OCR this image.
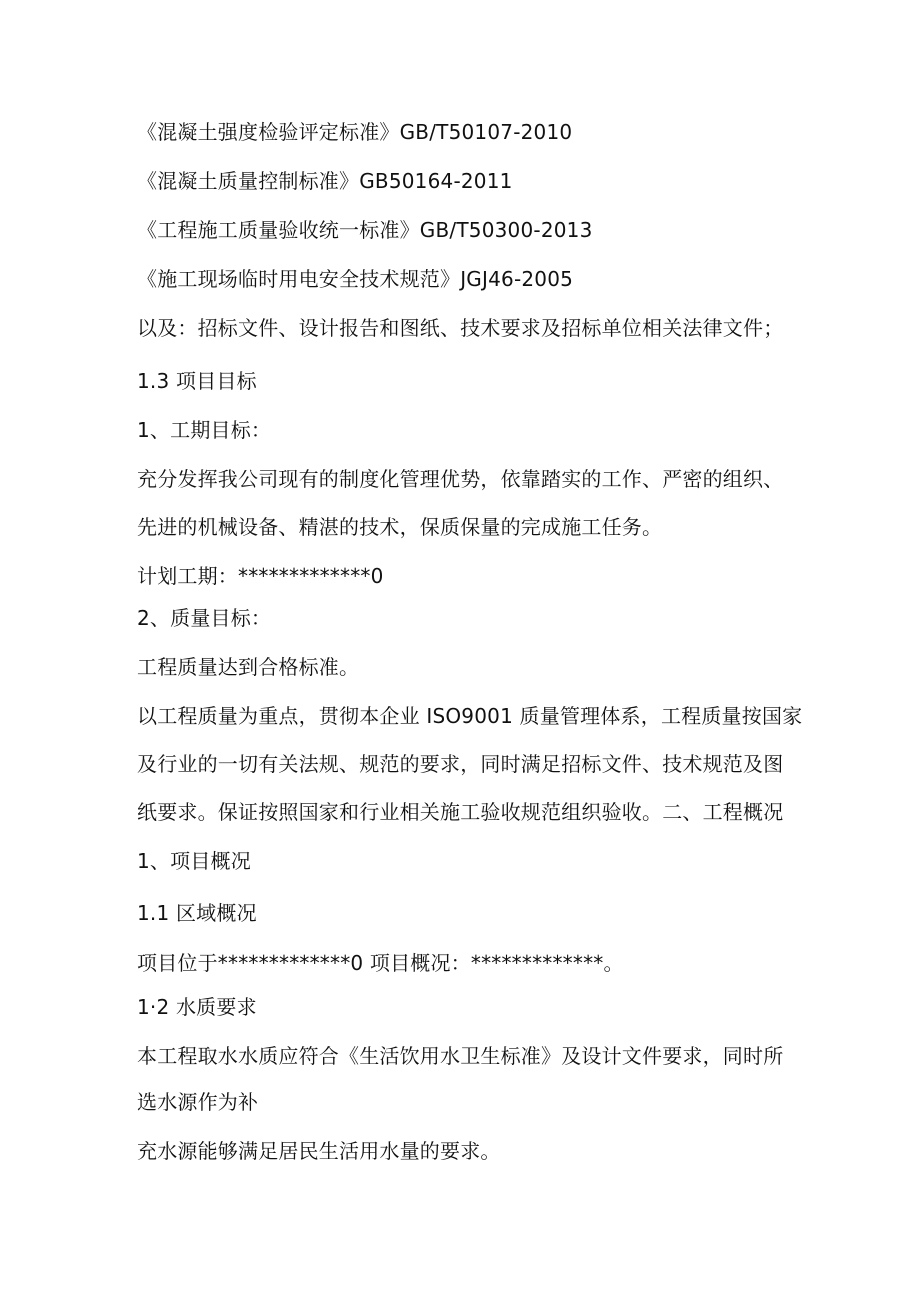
《混凝土强度检验评定标准》GB/T50107-2010
《混凝土质量控制标准》GB50164-2011
《工程施工质量验收统一标准》GB/T50300-2013
《施工现场临时用电安全技术规范》JGJ46-2005
以及：招标文件、设计报告和图纸、技术要求及招标单位相关法律文件；
1.3 项目目标
1、工期目标：
充分发挥我公司现有的制度化管理优势，依靠踏实的工作、严密的组织、
先进的机械设备、精湛的技术，保质保量的完成施工任务。
计划工期：*************0
2、质量目标：
工程质量达到合格标准。
以工程质量为重点，贯彻本企业 ISO9001 质量管理体系，工程质量按国家
及行业的一切有关法规、规范的要求，同时满足招标文件、技术规范及图
纸要求。保证按照国家和行业相关施工验收规范组织验收。二、工程概况
1、项目概况
1.1 区域概况
项目位于*************0 项目概况：*************。
1·2 水质要求
本工程取水水质应符合《生活饮用水卫生标准》及设计文件要求，同时所
选水源作为补
充水源能够满足居民生活用水量的要求。
